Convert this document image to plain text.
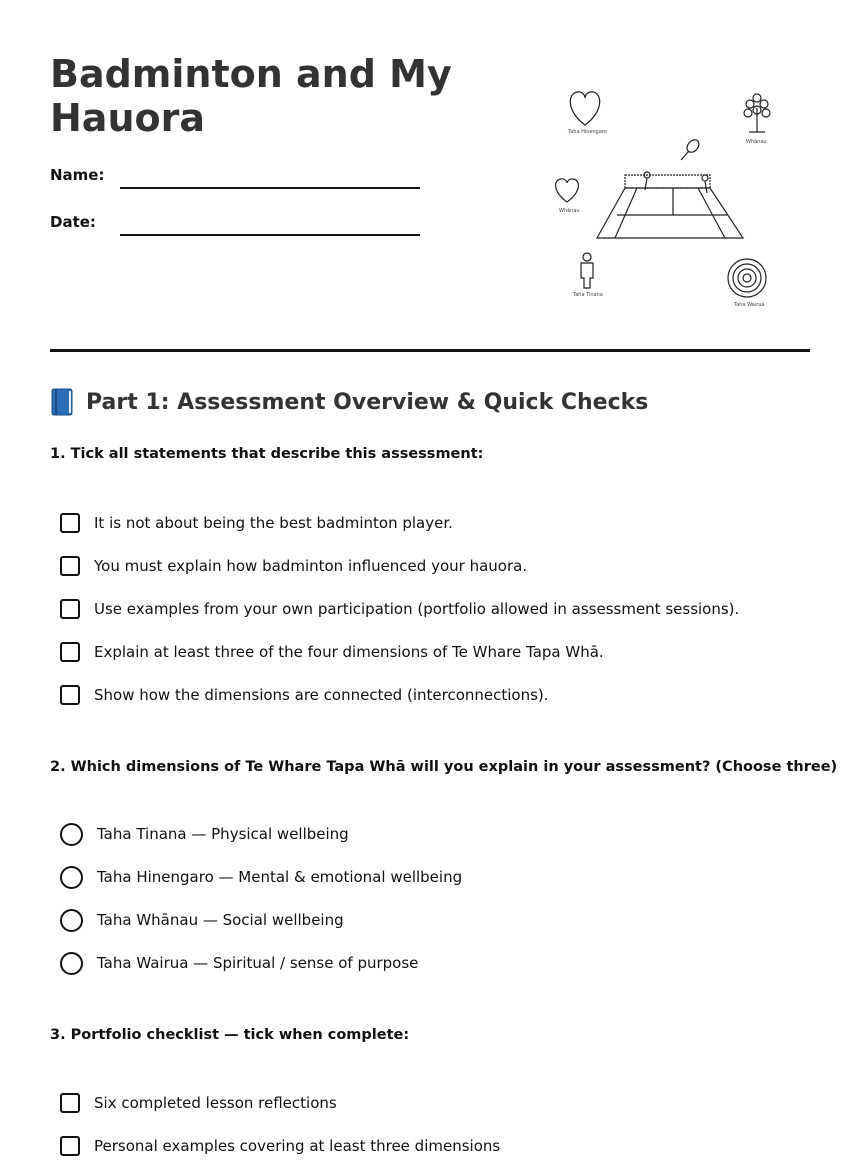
Badminton and My Hauora
Name:
Date:
Taha Hinengaro
Whānau
Whānau
Taha Tinana
Taha Wairua
Part 1: Assessment Overview & Quick Checks

1. Tick all statements that describe this assessment:

It is not about being the best badminton player.
You must explain how badminton influenced your hauora.
Use examples from your own participation (portfolio allowed in assessment sessions).
Explain at least three of the four dimensions of Te Whare Tapa Whā.
Show how the dimensions are connected (interconnections).

2. Which dimensions of Te Whare Tapa Whā will you explain in your assessment? (Choose three)

Taha Tinana — Physical wellbeing
Taha Hinengaro — Mental & emotional wellbeing
Taha Whānau — Social wellbeing
Taha Wairua — Spiritual / sense of purpose

3. Portfolio checklist — tick when complete:

Six completed lesson reflections
Personal examples covering at least three dimensions
